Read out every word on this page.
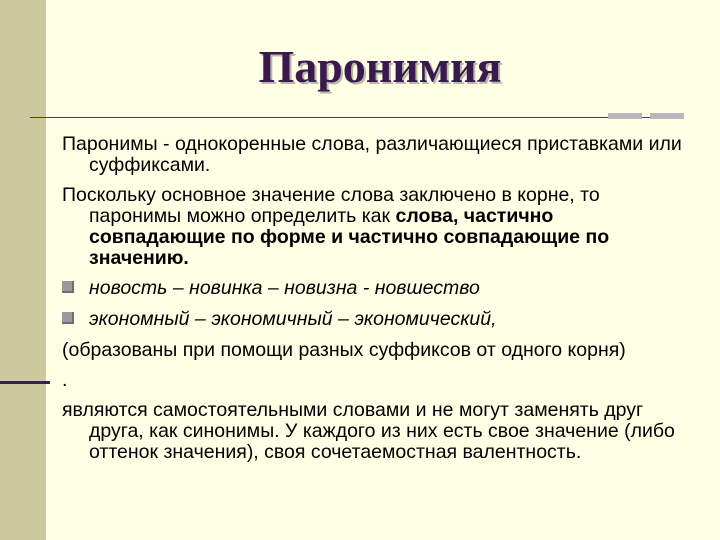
Паронимия

Паронимы - однокоренные слова, различающиеся приставками или суффиксами.

Поскольку основное значение слова заключено в корне, то паронимы можно определить как слова, частично совпадающие по форме и частично совпадающие по значению.

новость – новинка – новизна - новшество
экономный – экономичный – экономический,

(образованы при помощи разных суффиксов от одного корня)

.

являются самостоятельными словами и не могут заменять друг друга, как синонимы. У каждого из них есть свое значение (либо оттенок значения), своя сочетаемостная валентность.
